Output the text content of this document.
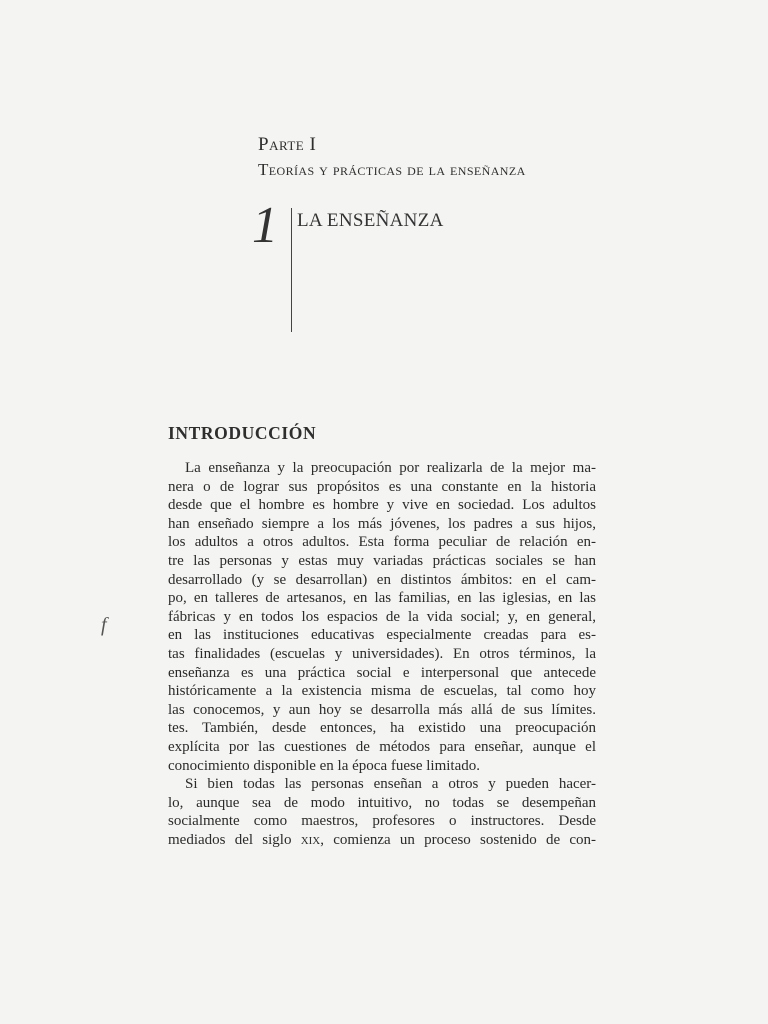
Parte I
Teorías y prácticas de la enseñanza
1 LA ENSEÑANZA
INTRODUCCIÓN
f
La enseñanza y la preocupación por realizarla de la mejor ma-
nera o de lograr sus propósitos es una constante en la historia
desde que el hombre es hombre y vive en sociedad. Los adultos
han enseñado siempre a los más jóvenes, los padres a sus hijos,
los adultos a otros adultos. Esta forma peculiar de relación en-
tre las personas y estas muy variadas prácticas sociales se han
desarrollado (y se desarrollan) en distintos ámbitos: en el cam-
po, en talleres de artesanos, en las familias, en las iglesias, en las
fábricas y en todos los espacios de la vida social; y, en general,
en las instituciones educativas especialmente creadas para es-
tas finalidades (escuelas y universidades). En otros términos, la
enseñanza es una práctica social e interpersonal que antecede
históricamente a la existencia misma de escuelas, tal como hoy
las conocemos, y aun hoy se desarrolla más allá de sus límites.
tes. También, desde entonces, ha existido una preocupación
explícita por las cuestiones de métodos para enseñar, aunque el
conocimiento disponible en la época fuese limitado.
Si bien todas las personas enseñan a otros y pueden hacer-
lo, aunque sea de modo intuitivo, no todas se desempeñan
socialmente como maestros, profesores o instructores. Desde
mediados del siglo xix, comienza un proceso sostenido de con-
